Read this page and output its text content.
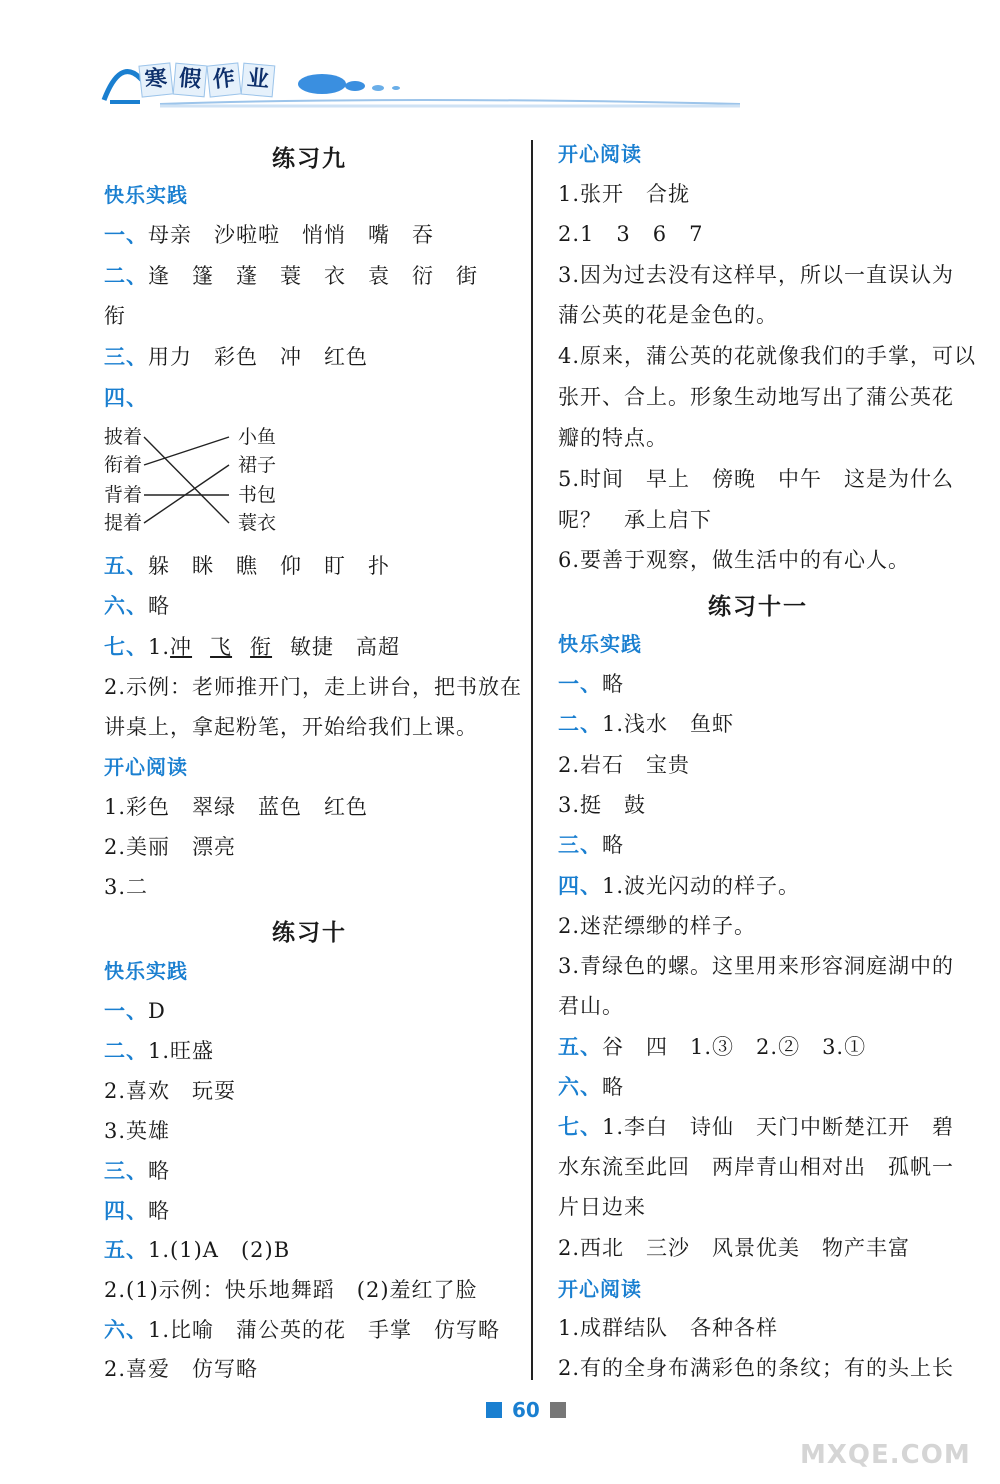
寒 假 作 业
练习九
快乐实践
一、母亲　沙啦啦　悄悄　嘴　吞
二、逢　篷　蓬　蓑　衣　袁　衍　街
衔
三、用力　彩色　冲　红色
四、
披着
衔着
背着
提着
小鱼
裙子
书包
蓑衣
五、躲　眯　瞧　仰　盯　扑
六、略
七、1.冲 飞 衔 敏捷　高超
2.示例：老师推开门，走上讲台，把书放在
讲桌上，拿起粉笔，开始给我们上课。
开心阅读
1.彩色　翠绿　蓝色　红色
2.美丽　漂亮
3.二
练习十
快乐实践
一、D
二、1.旺盛
2.喜欢　玩耍
3.英雄
三、略
四、略
五、1.(1)A　(2)B
2.(1)示例：快乐地舞蹈　(2)羞红了脸
六、1.比喻　蒲公英的花　手掌　仿写略
2.喜爱　仿写略
开心阅读
1.张开　合拢
2.1　3　6　7
3.因为过去没有这样早，所以一直误认为
蒲公英的花是金色的。
4.原来，蒲公英的花就像我们的手掌，可以
张开、合上。形象生动地写出了蒲公英花
瓣的特点。
5.时间　早上　傍晚　中午　这是为什么
呢？　承上启下
6.要善于观察，做生活中的有心人。
练习十一
快乐实践
一、略
二、1.浅水　鱼虾
2.岩石　宝贵
3.挺　鼓
三、略
四、1.波光闪动的样子。
2.迷茫缥缈的样子。
3.青绿色的螺。这里用来形容洞庭湖中的
君山。
五、谷　四　1.③　2.②　3.①
六、略
七、1.李白　诗仙　天门中断楚江开　碧
水东流至此回　两岸青山相对出　孤帆一
片日边来
2.西北　三沙　风景优美　物产丰富
开心阅读
1.成群结队　各种各样
2.有的全身布满彩色的条纹；有的头上长
60
MXQE.COM
